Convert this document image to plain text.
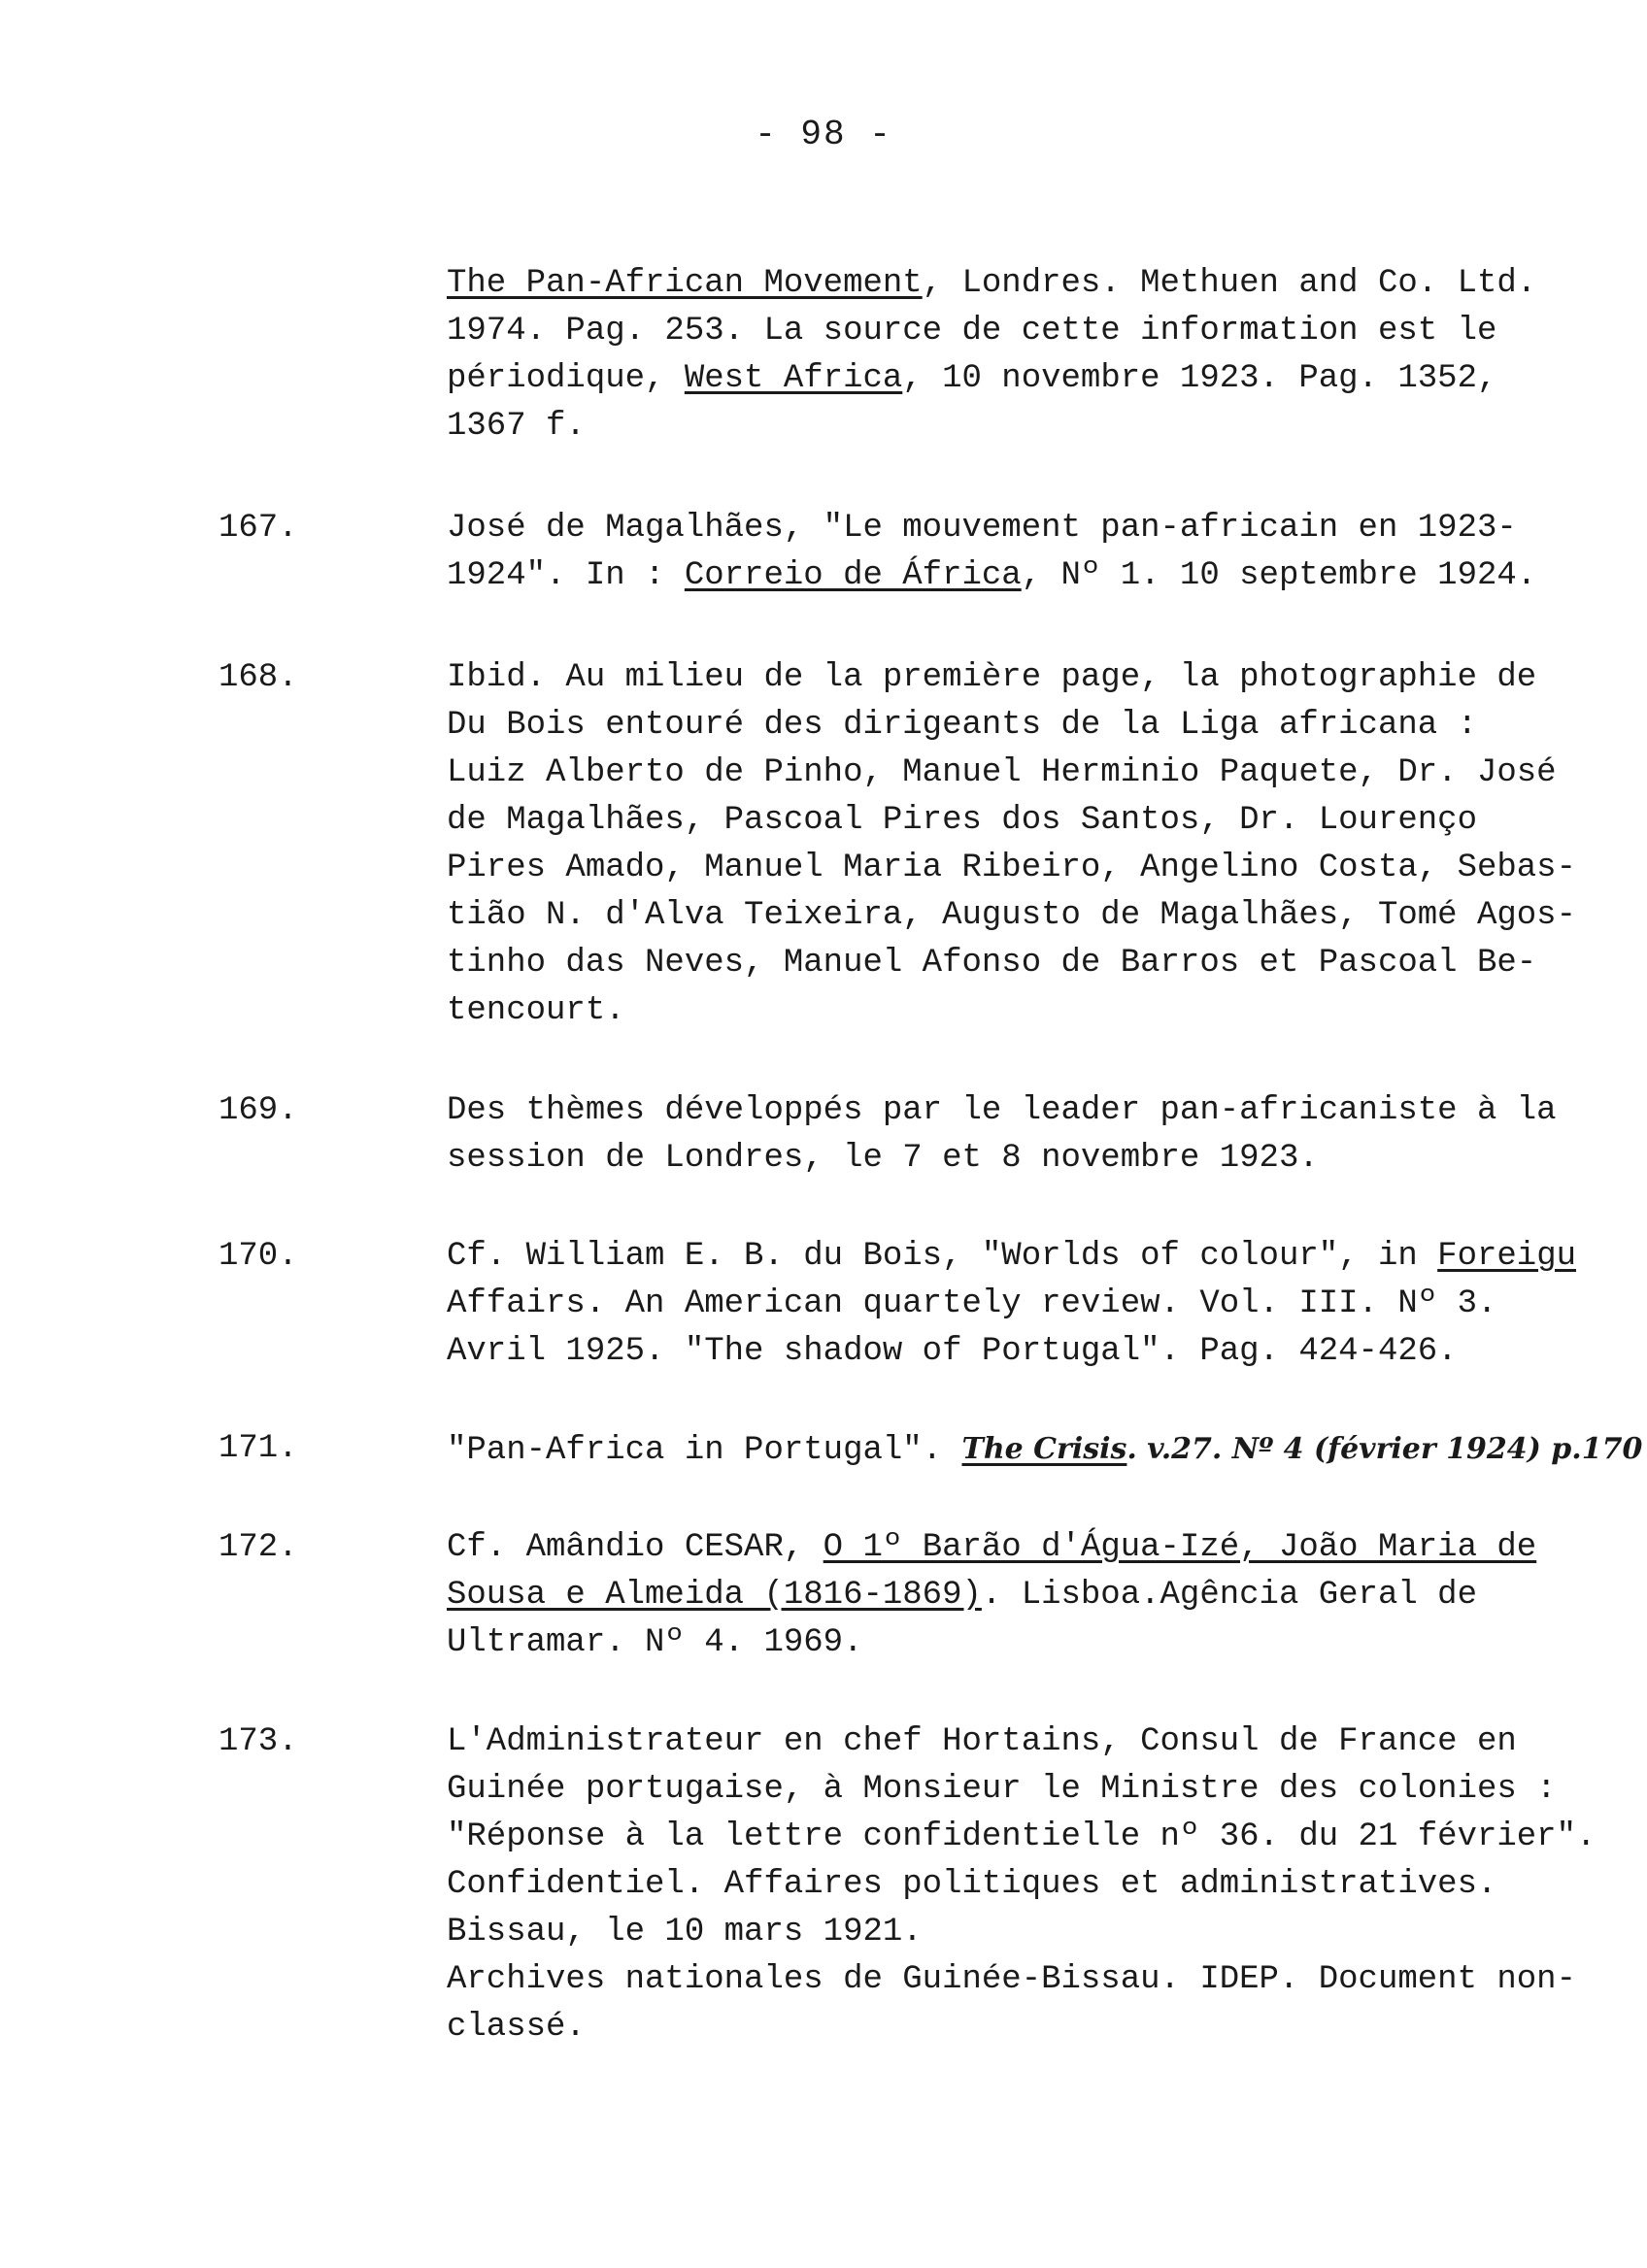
- 98 -
The Pan-African Movement, Londres. Methuen and Co. Ltd.
1974. Pag. 253. La source de cette information est le
périodique, West Africa, 10 novembre 1923. Pag. 1352,
1367 f.
167.	José de Magalhães, "Le mouvement pan-africain en 1923-
1924". In : Correio de África, Nº 1. 10 septembre 1924.
168.	Ibid. Au milieu de la première page, la photographie de
Du Bois entouré des dirigeants de la Liga africana :
Luiz Alberto de Pinho, Manuel Herminio Paquete, Dr. José
de Magalhães, Pascoal Pires dos Santos, Dr. Lourenço
Pires Amado, Manuel Maria Ribeiro, Angelino Costa, Sebas-
tião N. d'Alva Teixeira, Augusto de Magalhães, Tomé Agos-
tinho das Neves, Manuel Afonso de Barros et Pascoal Be-
tencourt.
169.	Des thèmes développés par le leader pan-africaniste à la
session de Londres, le 7 et 8 novembre 1923.
170.	Cf. William E. B. du Bois, "Worlds of colour", in Foreigu
Affairs. An American quartely review. Vol. III. Nº 3.
Avril 1925. "The shadow of Portugal". Pag. 424-426.
171.	"Pan-Africa in Portugal". The Crisis. v.27. Nº 4 (février 1924) p.170
172.	Cf. Amândio CESAR, O 1º Barão d'Água-Izé, João Maria de
Sousa e Almeida (1816-1869). Lisboa.Agência Geral de
Ultramar. Nº 4. 1969.
173.	L'Administrateur en chef Hortains, Consul de France en
Guinée portugaise, à Monsieur le Ministre des colonies :
"Réponse à la lettre confidentielle nº 36. du 21 février".
Confidentiel. Affaires politiques et administratives.
Bissau, le 10 mars 1921.
Archives nationales de Guinée-Bissau. IDEP. Document non-
classé.
